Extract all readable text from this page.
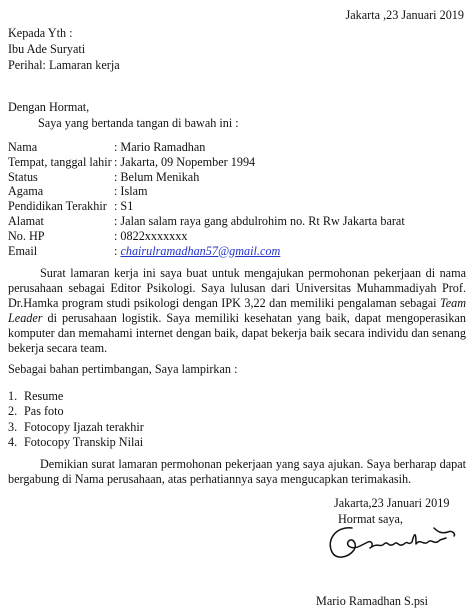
Jakarta ,23 Januari 2019
Kepada Yth :
Ibu Ade Suryati
Perihal: Lamaran kerja
Dengan Hormat,
Saya yang bertanda tangan di bawah ini :
Nama	: Mario Ramadhan
Tempat, tanggal lahir : Jakarta, 09 Nopember 1994
Status	: Belum Menikah
Agama	: Islam
Pendidikan Terakhir : S1
Alamat	: Jalan salam raya gang abdulrohim no. Rt Rw Jakarta barat
No. HP	: 0822xxxxxxx
Email	: chairulramadhan57@gmail.com

Surat lamaran kerja ini saya buat untuk mengajukan permohonan pekerjaan di nama perusahaan sebagai Editor Psikologi. Saya lulusan dari Universitas Muhammadiyah Prof. Dr.Hamka program studi psikologi dengan IPK 3,22 dan memiliki pengalaman sebagai Team Leader di perusahaan logistik. Saya memiliki kesehatan yang baik, dapat mengoperasikan komputer dan memahami internet dengan baik, dapat bekerja baik secara individu dan senang bekerja secara team.

Sebagai bahan pertimbangan, Saya lampirkan :
1. Resume
2. Pas foto
3. Fotocopy Ijazah terakhir
4. Fotocopy Transkip Nilai

Demikian surat lamaran permohonan pekerjaan yang saya ajukan. Saya berharap dapat bergabung di Nama perusahaan, atas perhatiannya saya mengucapkan terimakasih.

Jakarta,23 Januari 2019
Hormat saya,
Mario Ramadhan S.psi
